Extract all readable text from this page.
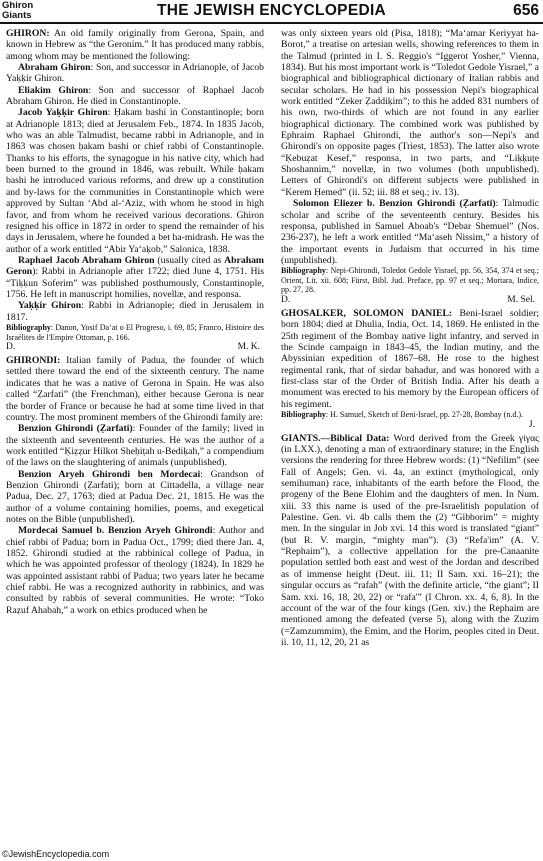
Ghiron
Giants	THE JEWISH ENCYCLOPEDIA	656

GHIRON: An old family originally from Gerona, Spain, and known in Hebrew as “the Geronim.” It has produced many rabbis, among whom may be mentioned the following:

Abraham Ghiron: Son, and successor in Adrianople, of Jacob Yaḳḳir Ghiron.

Eliakim Ghiron: Son and successor of Raphael Jacob Abraham Ghiron. He died in Constantinople.

Jacob Yaḳḳir Ghiron: Ḥakam bashi in Constantinople; born at Adrianople 1813; died at Jerusalem Feb., 1874. In 1835 Jacob, who was an able Talmudist, became rabbi in Adrianople, and in 1863 was chosen ḥakam bashi or chief rabbi of Constantinople. Thanks to his efforts, the synagogue in his native city, which had been burned to the ground in 1846, was rebuilt. While ḥakam bashi he introduced various reforms, and drew up a constitution and by-laws for the communities in Constantinople which were approved by Sultan ‘Abd al-‘Aziz, with whom he stood in high favor, and from whom he received various decorations. Ghiron resigned his office in 1872 in order to spend the remainder of his days in Jerusalem, where he founded a bet ha-midrash. He was the author of a work entitled “Abir Ya‘aḳob,” Salonica, 1838.

Raphael Jacob Abraham Ghiron (usually cited as Abraham Geron): Rabbi in Adrianople after 1722; died June 4, 1751. His “Tiḳḳun Soferim” was published posthumously, Constantinople, 1756. He left in manuscript homilies, novellæ, and responsa.

Yaḳḳir Ghiron: Rabbi in Adrianople; died in Jerusalem in 1817.

Bibliography: Danon, Yosif Da‘at o El Progreso, i. 69, 85; Franco, Histoire des Israélites de l'Empire Ottoman, p. 166.

D.	M. K.

GHIRONDI: Italian family of Padua, the founder of which settled there toward the end of the sixteenth century. The name indicates that he was a native of Gerona in Spain. He was also called “Ẓarfati” (the Frenchman), either because Gerona is near the border of France or because he had at some time lived in that country. The most prominent members of the Ghirondi family are:

Benzion Ghirondi (Ẓarfati): Founder of the family; lived in the sixteenth and seventeenth centuries. He was the author of a work entitled “Ḳiẓẓur Hilkot Sheḥiṭah u-Bediḳah,” a compendium of the laws on the slaughtering of animals (unpublished).

Benzion Aryeh Ghirondi ben Mordecai: Grandson of Benzion Ghirondi (Ẓarfati); born at Cittadella, a village near Padua, Dec. 27, 1763; died at Padua Dec. 21, 1815. He was the author of a volume containing homilies, poems, and exegetical notes on the Bible (unpublished).

Mordecai Samuel b. Benzion Aryeh Ghirondi: Author and chief rabbi of Padua; born in Padua Oct., 1799; died there Jan. 4, 1852. Ghirondi studied at the rabbinical college of Padua, in which he was appointed professor of theology (1824). In 1829 he was appointed assistant rabbi of Padua; two years later he became chief rabbi. He was a recognized authority in rabbinics, and was consulted by rabbis of several communities. He wrote: “Toko Raẓuf Ahabah,” a work on ethics produced when he

was only sixteen years old (Pisa, 1818); “Ma‘amar Keriyyat ha-Borot,” a treatise on artesian wells, showing references to them in the Talmud (printed in I. S. Reggio's “Iggerot Yosher,” Vienna, 1834). But his most important work is “Toledot Gedole Yisrael,” a biographical and bibliographical dictionary of Italian rabbis and secular scholars. He had in his possession Nepi's biographical work entitled “Zeker Ẓaddiḳim”; to this he added 831 numbers of his own, two-thirds of which are not found in any earlier biographical dictionary. The combined work was published by Ephraim Raphael Ghirondi, the author's son—Nepi's and Ghirondi's on opposite pages (Triest, 1853). The latter also wrote “Ḳebuẓat Kesef,” responsa, in two parts, and “Liḳḳuṭe Shoshannim,” novellæ, in two volumes (both unpublished). Letters of Ghirondi's on different subjects were published in “Kerem Ḥemed” (ii. 52; iii. 88 et seq.; iv. 13).

Solomon Eliezer b. Benzion Ghirondi (Ẓarfati): Talmudic scholar and scribe of the seventeenth century. Besides his responsa, published in Samuel Aboab's “Debar Shemuel” (Nos. 236-237), he left a work entitled “Ma‘aseh Nissim,” a history of the important events in Judaism that occurred in his time (unpublished).

Bibliography: Nepi-Ghirondi, Toledot Gedole Yisrael, pp. 56, 354, 374 et seq.; Orient, Lit. xii. 608; Fürst, Bibl. Jud. Preface, pp. 97 et seq.; Mortara, Indice, pp. 27, 28.

D.	M. Sel.

GHOSALKER, SOLOMON DANIEL: Beni-Israel soldier; born 1804; died at Dhulia, India, Oct. 14, 1869. He enlisted in the 25th regiment of the Bombay native light infantry, and served in the Scinde campaign in 1843–45, the Indian mutiny, and the Abyssinian expedition of 1867–68. He rose to the highest regimental rank, that of sirdar bahadur, and was honored with a first-class star of the Order of British India. After his death a monument was erected to his memory by the European officers of his regiment.

Bibliography: H. Samuel, Sketch of Beni-Israel, pp. 27-28, Bombay (n.d.).

J.

GIANTS.—Biblical Data: Word derived from the Greek γίγας (in LXX.), denoting a man of extraordinary stature; in the English versions the rendering for three Hebrew words: (1) “Nefilim” (see Fall of Angels; Gen. vi. 4a, an extinct (mythological, only semihuman) race, inhabitants of the earth before the Flood, the progeny of the Bene Elohim and the daughters of men. In Num. xiii. 33 this name is used of the pre-Israelitish population of Palestine. Gen. vi. 4b calls them the (2) “Gibborim” = mighty men. In the singular in Job xvi. 14 this word is translated “giant” (but R. V. margin, “mighty man”). (3) “Refa'im” (A. V. “Rephaim”), a collective appellation for the pre-Canaanite population settled both east and west of the Jordan and described as of immense height (Deut. iii. 11; II Sam. xxi. 16–21); the singular occurs as “rafah” (with the definite article, “the giant”; II Sam. xxi. 16, 18, 20, 22) or “rafa'” (I Chron. xx. 4, 6, 8). In the account of the war of the four kings (Gen. xiv.) the Rephaim are mentioned among the defeated (verse 5), along with the Zuzim (=Zamzummim), the Emim, and the Horim, peoples cited in Deut. ii. 10, 11, 12, 20, 21 as

©JewishEncyclopedia.com
